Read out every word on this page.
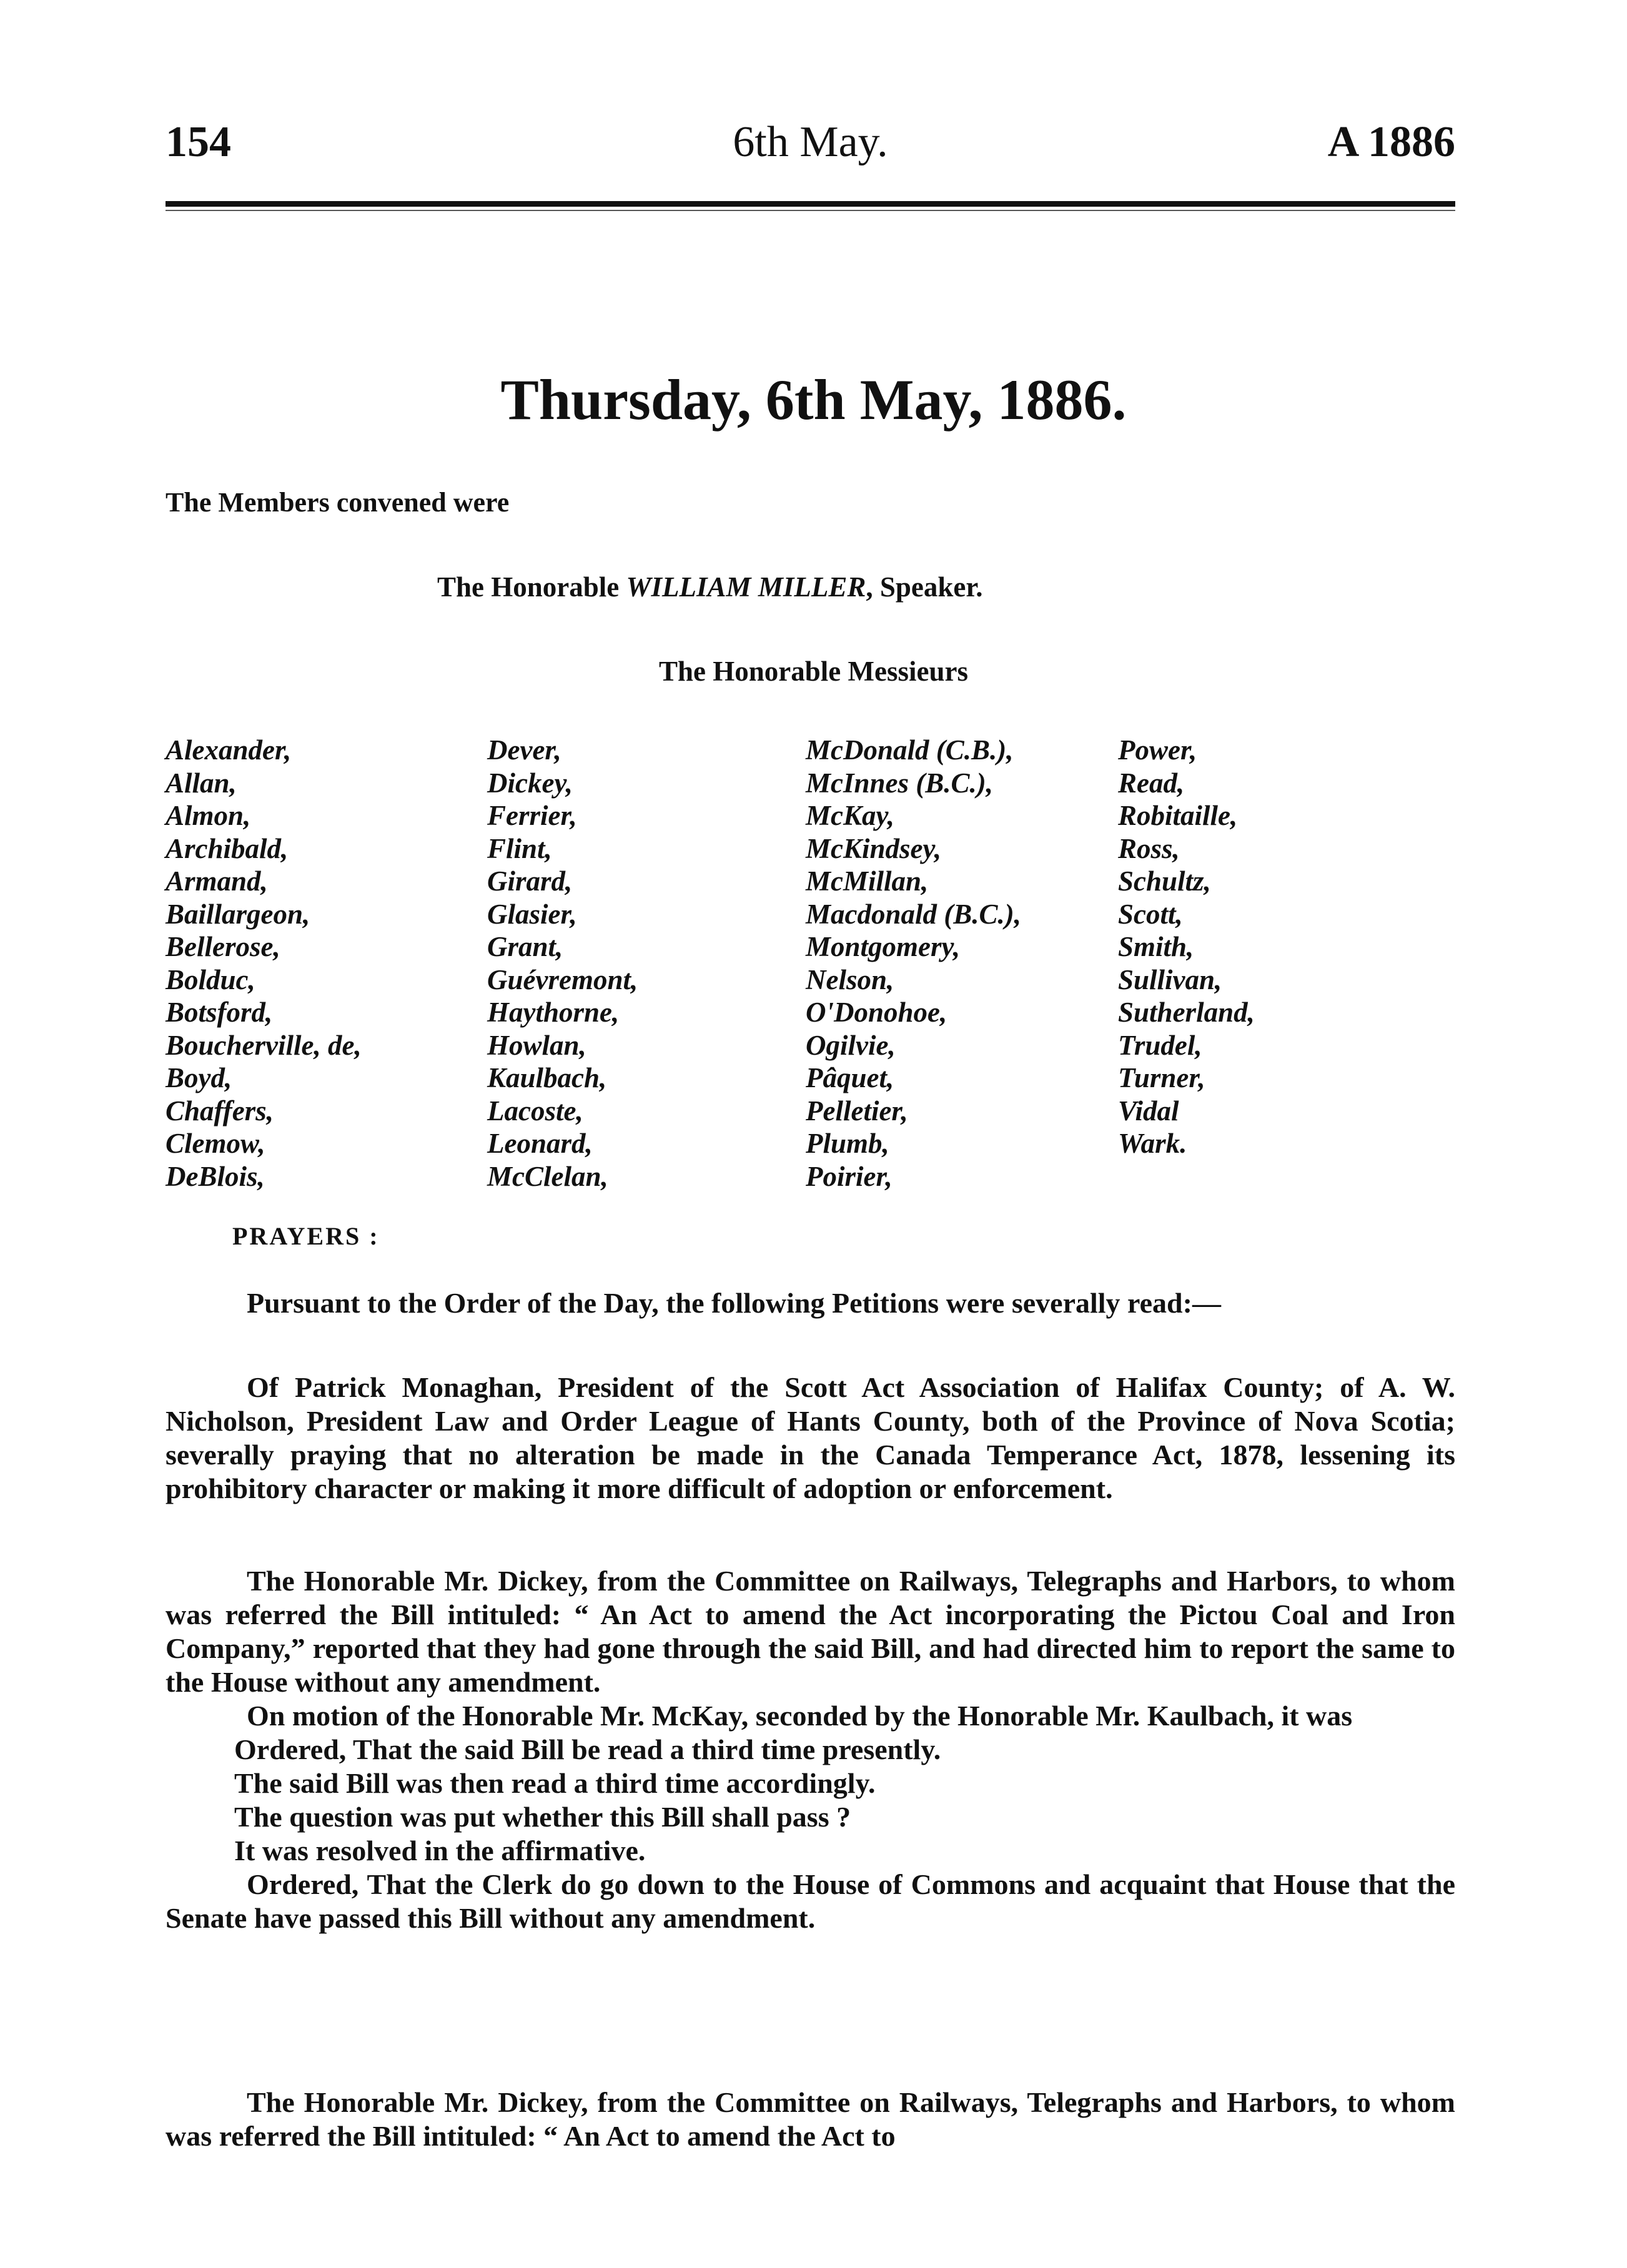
154	6th May.	A 1886
Thursday, 6th May, 1886.
The Members convened were
The Honorable WILLIAM MILLER, Speaker.
The Honorable Messieurs
Alexander,
Allan,
Almon,
Archibald,
Armand,
Baillargeon,
Bellerose,
Bolduc,
Botsford,
Boucherville, de,
Boyd,
Chaffers,
Clemow,
DeBlois,
Dever,
Dickey,
Ferrier,
Flint,
Girard,
Glasier,
Grant,
Guévremont,
Haythorne,
Howlan,
Kaulbach,
Lacoste,
Leonard,
McClelan,
McDonald (C.B.),
McInnes (B.C.),
McKay,
McKindsey,
McMillan,
Macdonald (B.C.),
Montgomery,
Nelson,
O'Donohoe,
Ogilvie,
Pâquet,
Pelletier,
Plumb,
Poirier,
Power,
Read,
Robitaille,
Ross,
Schultz,
Scott,
Smith,
Sullivan,
Sutherland,
Trudel,
Turner,
Vidal
Wark.
PRAYERS :

Pursuant to the Order of the Day, the following Petitions were severally read:—

Of Patrick Monaghan, President of the Scott Act Association of Halifax County; of A. W. Nicholson, President Law and Order League of Hants County, both of the Province of Nova Scotia; severally praying that no alteration be made in the Canada Temperance Act, 1878, lessening its prohibitory character or making it more difficult of adoption or enforcement.

The Honorable Mr. Dickey, from the Committee on Railways, Telegraphs and Harbors, to whom was referred the Bill intituled: “ An Act to amend the Act incorporating the Pictou Coal and Iron Company,” reported that they had gone through the said Bill, and had directed him to report the same to the House without any amendment.

On motion of the Honorable Mr. McKay, seconded by the Honorable Mr. Kaulbach, it was

Ordered, That the said Bill be read a third time presently.

The said Bill was then read a third time accordingly.

The question was put whether this Bill shall pass ?

It was resolved in the affirmative.

Ordered, That the Clerk do go down to the House of Commons and acquaint that House that the Senate have passed this Bill without any amendment.

The Honorable Mr. Dickey, from the Committee on Railways, Telegraphs and Harbors, to whom was referred the Bill intituled: “ An Act to amend the Act to
